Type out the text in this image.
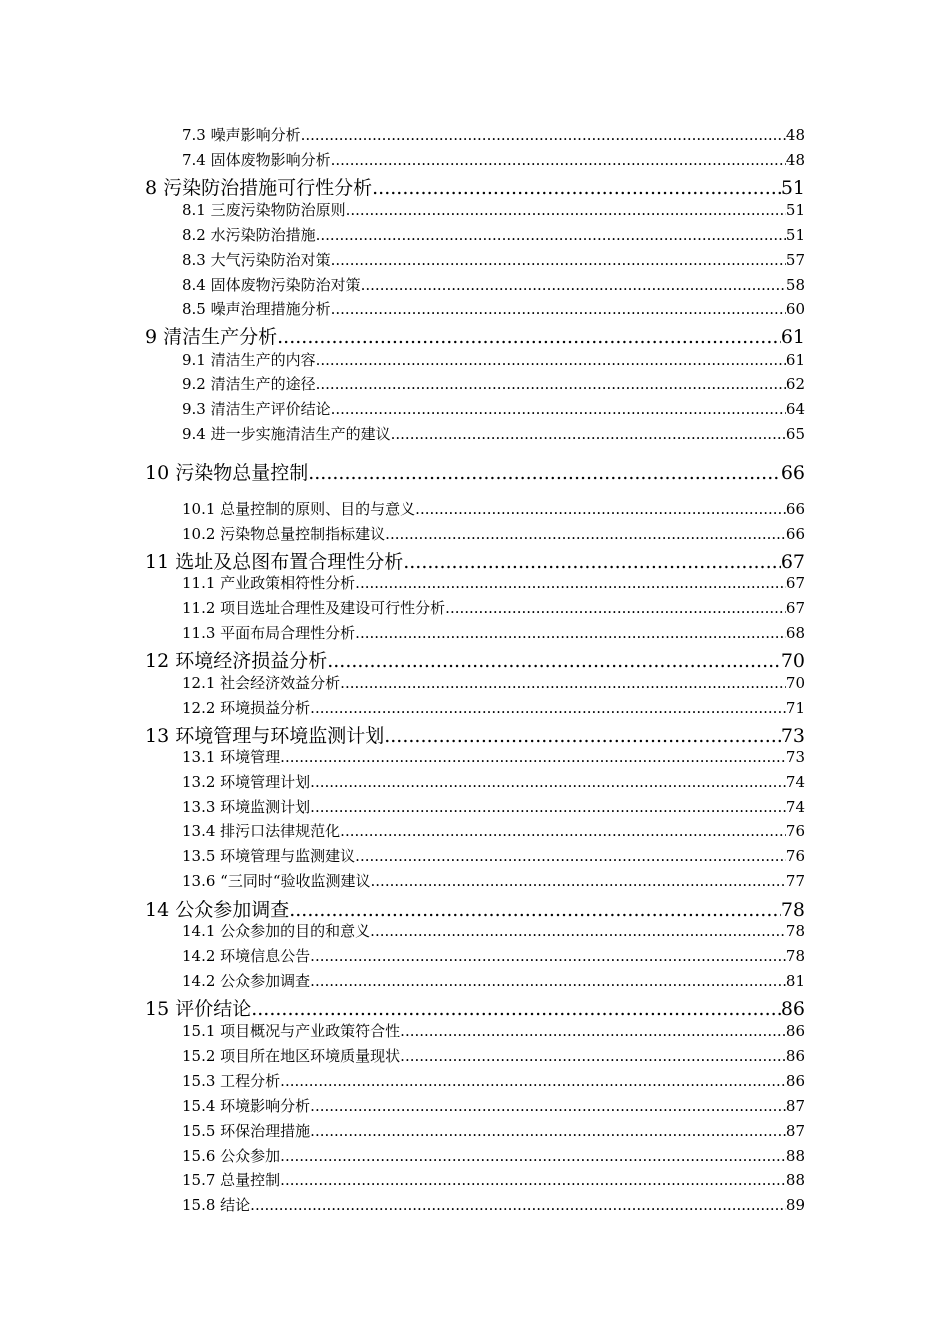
7.3 噪声影响分析 .....	48
7.4 固体废物影响分析 .....	48
8 污染防治措施可行性分析 .....	51
8.1 三废污染物防治原则 .....	51
8.2 水污染防治措施 .....	51
8.3 大气污染防治对策 .....	57
8.4 固体废物污染防治对策 .....	58
8.5 噪声治理措施分析 .....	60
9 清洁生产分析 .....	61
9.1 清洁生产的内容 .....	61
9.2 清洁生产的途径 .....	62
9.3 清洁生产评价结论 .....	64
9.4 进一步实施清洁生产的建议 .....	65
10 污染物总量控制 .....	66
10.1 总量控制的原则、目的与意义 .....	66
10.2 污染物总量控制指标建议 .....	66
11 选址及总图布置合理性分析 .....	67
11.1 产业政策相符性分析 .....	67
11.2 项目选址合理性及建设可行性分析 .....	67
11.3 平面布局合理性分析 .....	68
12 环境经济损益分析 .....	70
12.1 社会经济效益分析 .....	70
12.2 环境损益分析 .....	71
13 环境管理与环境监测计划 .....	73
13.1 环境管理 .....	73
13.2 环境管理计划 .....	74
13.3 环境监测计划 .....	74
13.4 排污口法律规范化 .....	76
13.5 环境管理与监测建议 .....	76
13.6 “三同时“验收监测建议 .....	77
14 公众参加调查 .....	78
14.1 公众参加的目的和意义 .....	78
14.2 环境信息公告 .....	78
14.2 公众参加调查 .....	81
15 评价结论 .....	86
15.1 项目概况与产业政策符合性 .....	86
15.2 项目所在地区环境质量现状 .....	86
15.3 工程分析 .....	86
15.4 环境影响分析 .....	87
15.5 环保治理措施 .....	87
15.6 公众参加 .....	88
15.7 总量控制 .....	88
15.8 结论 .....	89
